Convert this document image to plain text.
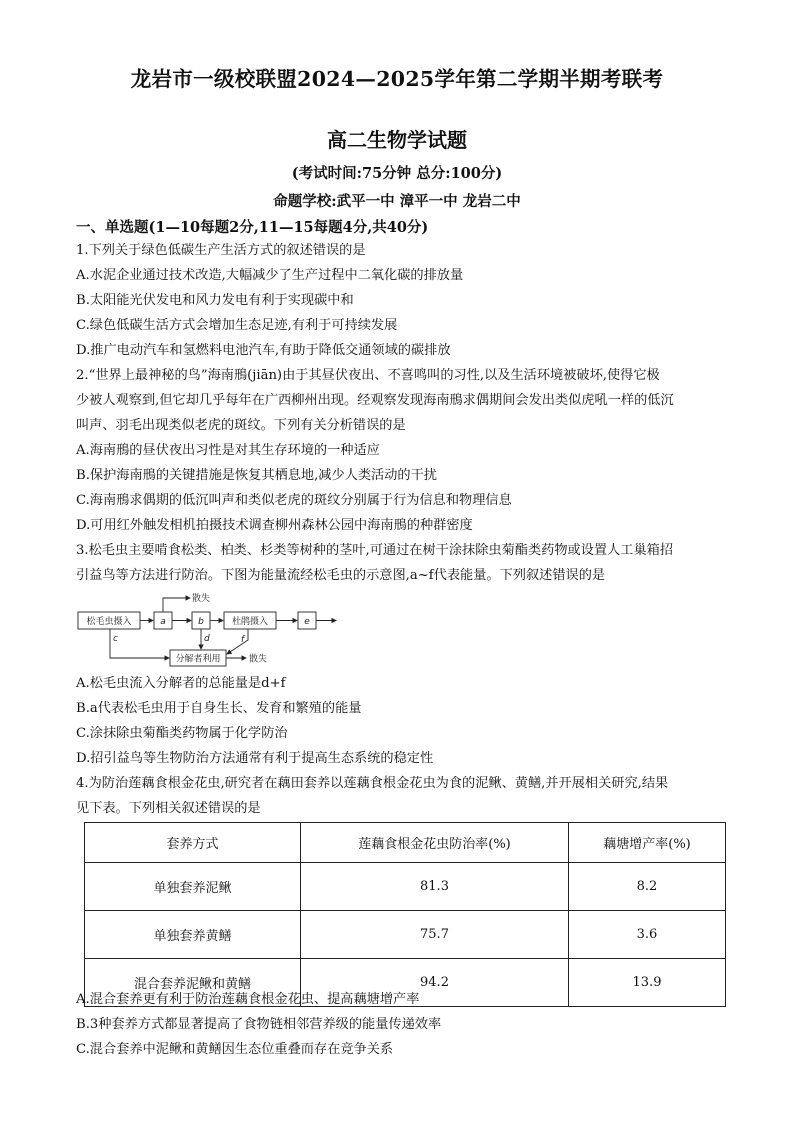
龙岩市一级校联盟2024—2025学年第二学期半期考联考
高二生物学试题
(考试时间:75分钟 总分:100分)
命题学校:武平一中 漳平一中 龙岩二中
一、单选题(1—10每题2分,11—15每题4分,共40分)
1.下列关于绿色低碳生产生活方式的叙述错误的是
A.水泥企业通过技术改造,大幅减少了生产过程中二氧化碳的排放量
B.太阳能光伏发电和风力发电有利于实现碳中和
C.绿色低碳生活方式会增加生态足迹,有利于可持续发展
D.推广电动汽车和氢燃料电池汽车,有助于降低交通领域的碳排放
2.“世界上最神秘的鸟”海南鳽(jiān)由于其昼伏夜出、不喜鸣叫的习性,以及生活环境被破坏,使得它极
少被人观察到,但它却几乎每年在广西柳州出现。经观察发现海南鳽求偶期间会发出类似虎吼一样的低沉
叫声、羽毛出现类似老虎的斑纹。下列有关分析错误的是
A.海南鳽的昼伏夜出习性是对其生存环境的一种适应
B.保护海南鳽的关键措施是恢复其栖息地,减少人类活动的干扰
C.海南鳽求偶期的低沉叫声和类似老虎的斑纹分别属于行为信息和物理信息
D.可用红外触发相机拍摄技术调查柳州森林公园中海南鳽的种群密度
3.松毛虫主要啃食松类、柏类、杉类等树种的茎叶,可通过在树干涂抹除虫菊酯类药物或设置人工巢箱招
引益鸟等方法进行防治。下图为能量流经松毛虫的示意图,a~f代表能量。下列叙述错误的是
松毛虫摄入	a	b	杜鹃摄入	e
分解者利用
散失
散失
c	d	f
A.松毛虫流入分解者的总能量是d+f
B.a代表松毛虫用于自身生长、发育和繁殖的能量
C.涂抹除虫菊酯类药物属于化学防治
D.招引益鸟等生物防治方法通常有利于提高生态系统的稳定性
4.为防治莲藕食根金花虫,研究者在藕田套养以莲藕食根金花虫为食的泥鳅、黄鳝,并开展相关研究,结果
见下表。下列相关叙述错误的是
套养方式	莲藕食根金花虫防治率(%)	藕塘增产率(%)
单独套养泥鳅	81.3	8.2
单独套养黄鳝	75.7	3.6
混合套养泥鳅和黄鳝	94.2	13.9
A.混合套养更有利于防治莲藕食根金花虫、提高藕塘增产率
B.3种套养方式都显著提高了食物链相邻营养级的能量传递效率
C.混合套养中泥鳅和黄鳝因生态位重叠而存在竞争关系
